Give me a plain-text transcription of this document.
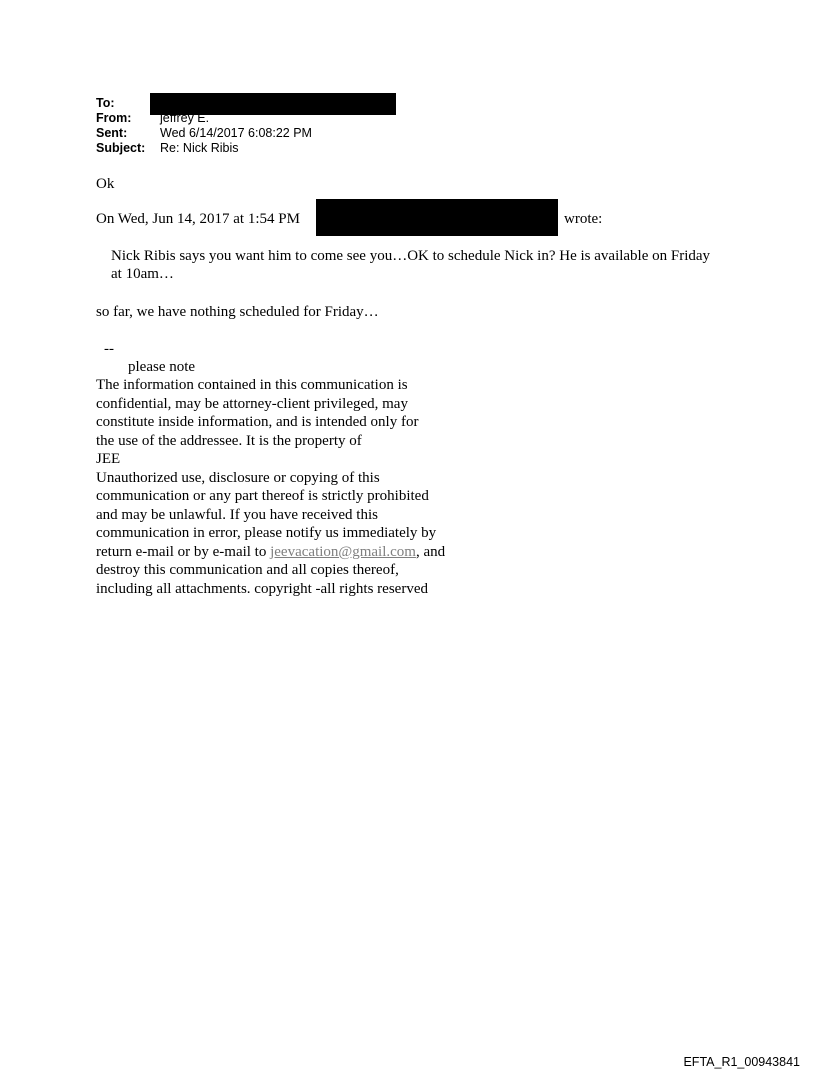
To:
From: jeffrey E.
Sent:	Wed 6/14/2017 6:08:22 PM
Subject: Re: Nick Ribis
Ok
On Wed, Jun 14, 2017 at 1:54 PM	wrote:
Nick Ribis says you want him to come see you…OK to schedule Nick in? He is available on Friday at 10am…
so far, we have nothing scheduled for Friday…
--
please note
The information contained in this communication is
confidential, may be attorney-client privileged, may
constitute inside information, and is intended only for
the use of the addressee. It is the property of
JEE
Unauthorized use, disclosure or copying of this
communication or any part thereof is strictly prohibited
and may be unlawful. If you have received this
communication in error, please notify us immediately by
return e-mail or by e-mail to jeevacation@gmail.com, and
destroy this communication and all copies thereof,
including all attachments. copyright -all rights reserved
EFTA_R1_00943841
